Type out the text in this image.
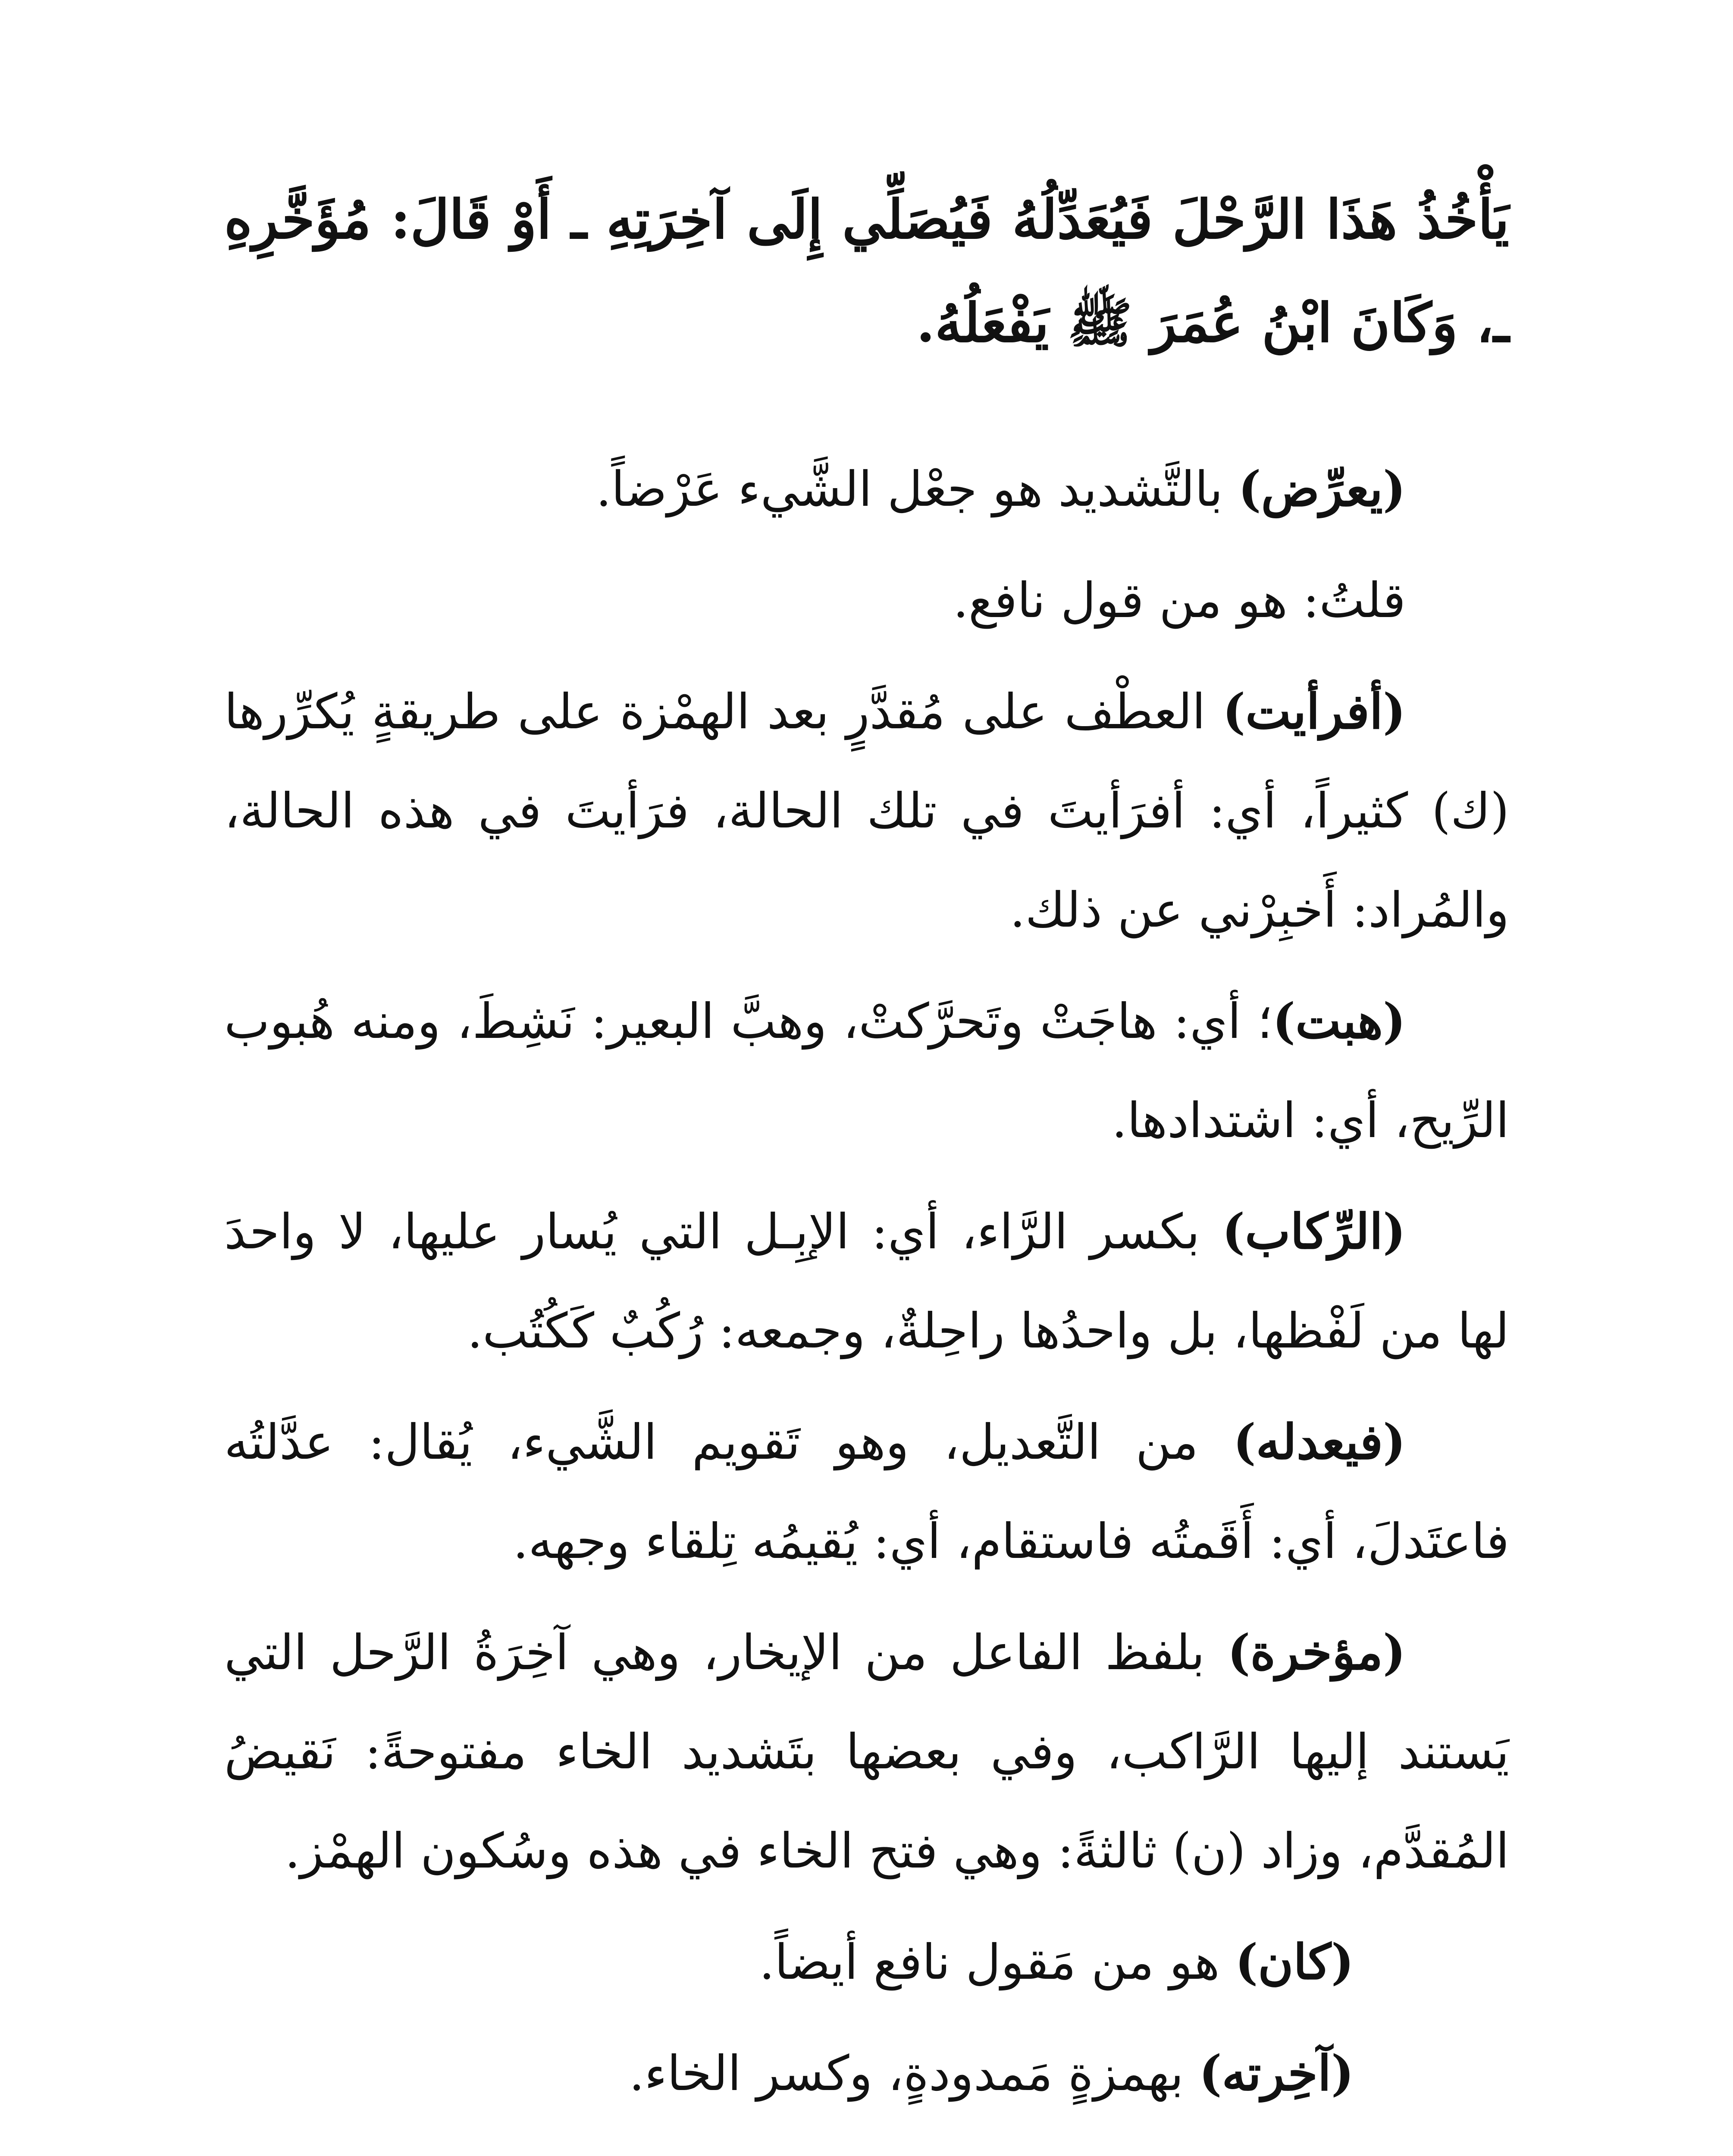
يَأْخُذُ هَذَا الرَّحْلَ فَيُعَدِّلُهُ فَيُصَلِّي إِلَى آخِرَتِهِ ـ أَوْ قَالَ: مُؤَخَّرِهِ ـ، وَكَانَ ابْنُ عُمَرَ ﷺ يَفْعَلُهُ.

(يعرِّض) بالتَّشديد هو جعْل الشَّيء عَرْضاً.

قلتُ: هو من قول نافع.

(أفرأيت) العطْف على مُقدَّرٍ بعد الهمْزة على طريقةٍ يُكرِّرها (ك) كثيراً، أي: أفرَأيتَ في تلك الحالة، فرَأيتَ في هذه الحالة، والمُراد: أَخبِرْني عن ذلك.

(هبت)؛ أي: هاجَتْ وتَحرَّكتْ، وهبَّ البعير: نَشِطَ، ومنه هُبوب الرِّيح، أي: اشتدادها.

(الرِّكاب) بكسر الرَّاء، أي: الإبِـل التي يُسار عليها، لا واحدَ لها من لَفْظها، بل واحدُها راحِلةٌ، وجمعه: رُكُبٌ كَكُتُب.

(فيعدله) من التَّعديل، وهو تَقويم الشَّيء، يُقال: عدَّلتُه فاعتَدلَ، أي: أَقَمتُه فاستقام، أي: يُقيمُه تِلقاء وجهه.

(مؤخرة) بلفظ الفاعل من الإيخار، وهي آخِرَةُ الرَّحل التي يَستند إليها الرَّاكب، وفي بعضها بتَشديد الخاء مفتوحةً: نَقيضُ المُقدَّم، وزاد (ن) ثالثةً: وهي فتح الخاء في هذه وسُكون الهمْز.

(كان) هو من مَقول نافع أيضاً.

(آخِرته) بهمزةٍ مَمدودةٍ، وكسر الخاء.
